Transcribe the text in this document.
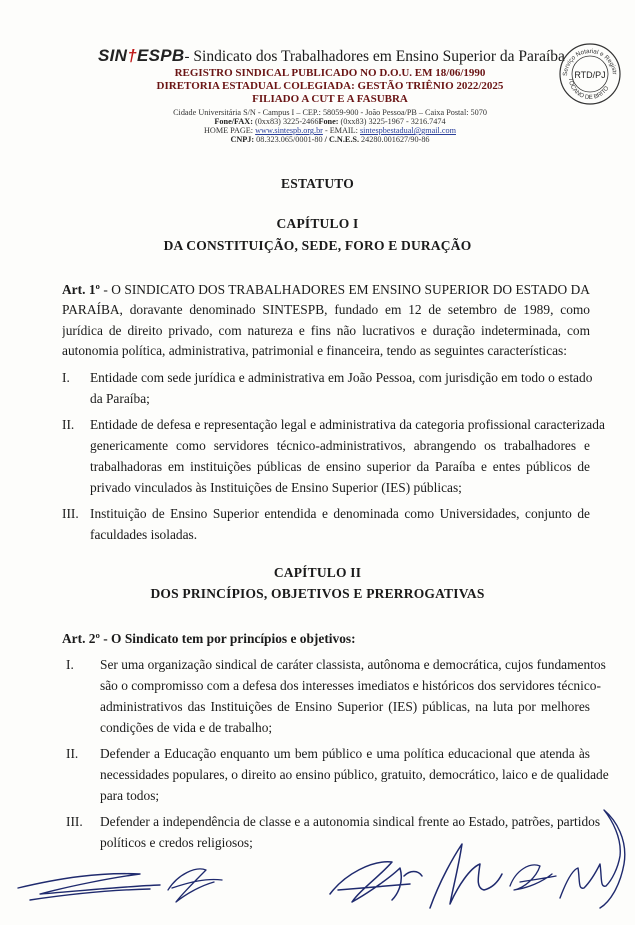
SIN†ESPB- Sindicato dos Trabalhadores em Ensino Superior da Paraíba
REGISTRO SINDICAL PUBLICADO NO D.O.U. EM 18/06/1990
DIRETORIA ESTADUAL COLEGIADA: GESTÃO TRIÊNIO 2022/2025
FILIADO A CUT E A FASUBRA
Cidade Universitária S/N - Campus I – CEP.: 58059-900 - João Pessoa/PB – Caixa Postal: 5070
Fone/FAX: (0xx83) 3225-2466Fone: (0xx83) 3225-1967 - 3216.7474
HOME PAGE: www.sintespb.org.br - EMAIL: sintespbestadual@gmail.com
CNPJ: 08.323.065/0001-80 / C.N.E.S. 24280.001627/90-86
Serviço Notarial e Registr
TOCANO DE BRITO
RTD/PJ
ESTATUTO
CAPÍTULO I
DA CONSTITUIÇÃO, SEDE, FORO E DURAÇÃO
Art. 1º - O SINDICATO DOS TRABALHADORES EM ENSINO SUPERIOR DO ESTADO DA
PARAÍBA, doravante denominado SINTESPB, fundado em 12 de setembro de 1989, como
jurídica de direito privado, com natureza e fins não lucrativos e duração indeterminada, com
autonomia política, administrativa, patrimonial e financeira, tendo as seguintes características:
I. Entidade com sede jurídica e administrativa em João Pessoa, com jurisdição em todo o estado
da Paraíba;
II. Entidade de defesa e representação legal e administrativa da categoria profissional caracterizada
genericamente como servidores técnico-administrativos, abrangendo os trabalhadores e
trabalhadoras em instituições públicas de ensino superior da Paraíba e entes públicos de
privado vinculados às Instituições de Ensino Superior (IES) públicas;
III. Instituição de Ensino Superior entendida e denominada como Universidades, conjunto de
faculdades isoladas.
CAPÍTULO II
DOS PRINCÍPIOS, OBJETIVOS E PRERROGATIVAS
Art. 2º - O Sindicato tem por princípios e objetivos:
I. Ser uma organização sindical de caráter classista, autônoma e democrática, cujos fundamentos
são o compromisso com a defesa dos interesses imediatos e históricos dos servidores técnico-
administrativos das Instituições de Ensino Superior (IES) públicas, na luta por melhores
condições de vida e de trabalho;
II. Defender a Educação enquanto um bem público e uma política educacional que atenda às
necessidades populares, o direito ao ensino público, gratuito, democrático, laico e de qualidade
para todos;
III. Defender a independência de classe e a autonomia sindical frente ao Estado, patrões, partidos
políticos e credos religiosos;
